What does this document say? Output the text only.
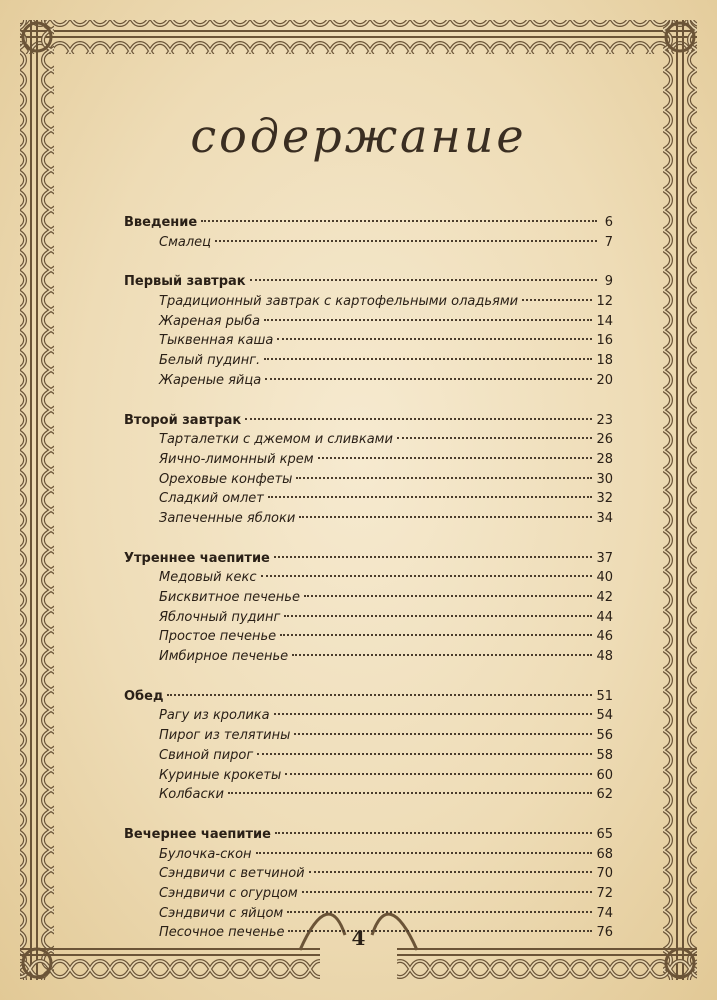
содержание
Введение	6
Смалец	7
Первый завтрак	9
Традиционный завтрак с картофельными оладьями	12
Жареная рыба	14
Тыквенная каша	16
Белый пудинг.	18
Жареные яйца	20
Второй завтрак	23
Тарталетки с джемом и сливками	26
Яично-лимонный крем	28
Ореховые конфеты	30
Сладкий омлет	32
Запеченные яблоки	34
Утреннее чаепитие	37
Медовый кекс	40
Бисквитное печенье	42
Яблочный пудинг	44
Простое печенье	46
Имбирное печенье	48
Обед	51
Рагу из кролика	54
Пирог из телятины	56
Свиной пирог	58
Куриные крокеты	60
Колбаски	62
Вечернее чаепитие	65
Булочка-скон	68
Сэндвичи с ветчиной	70
Сэндвичи с огурцом	72
Сэндвичи с яйцом	74
Песочное печенье	76
4
